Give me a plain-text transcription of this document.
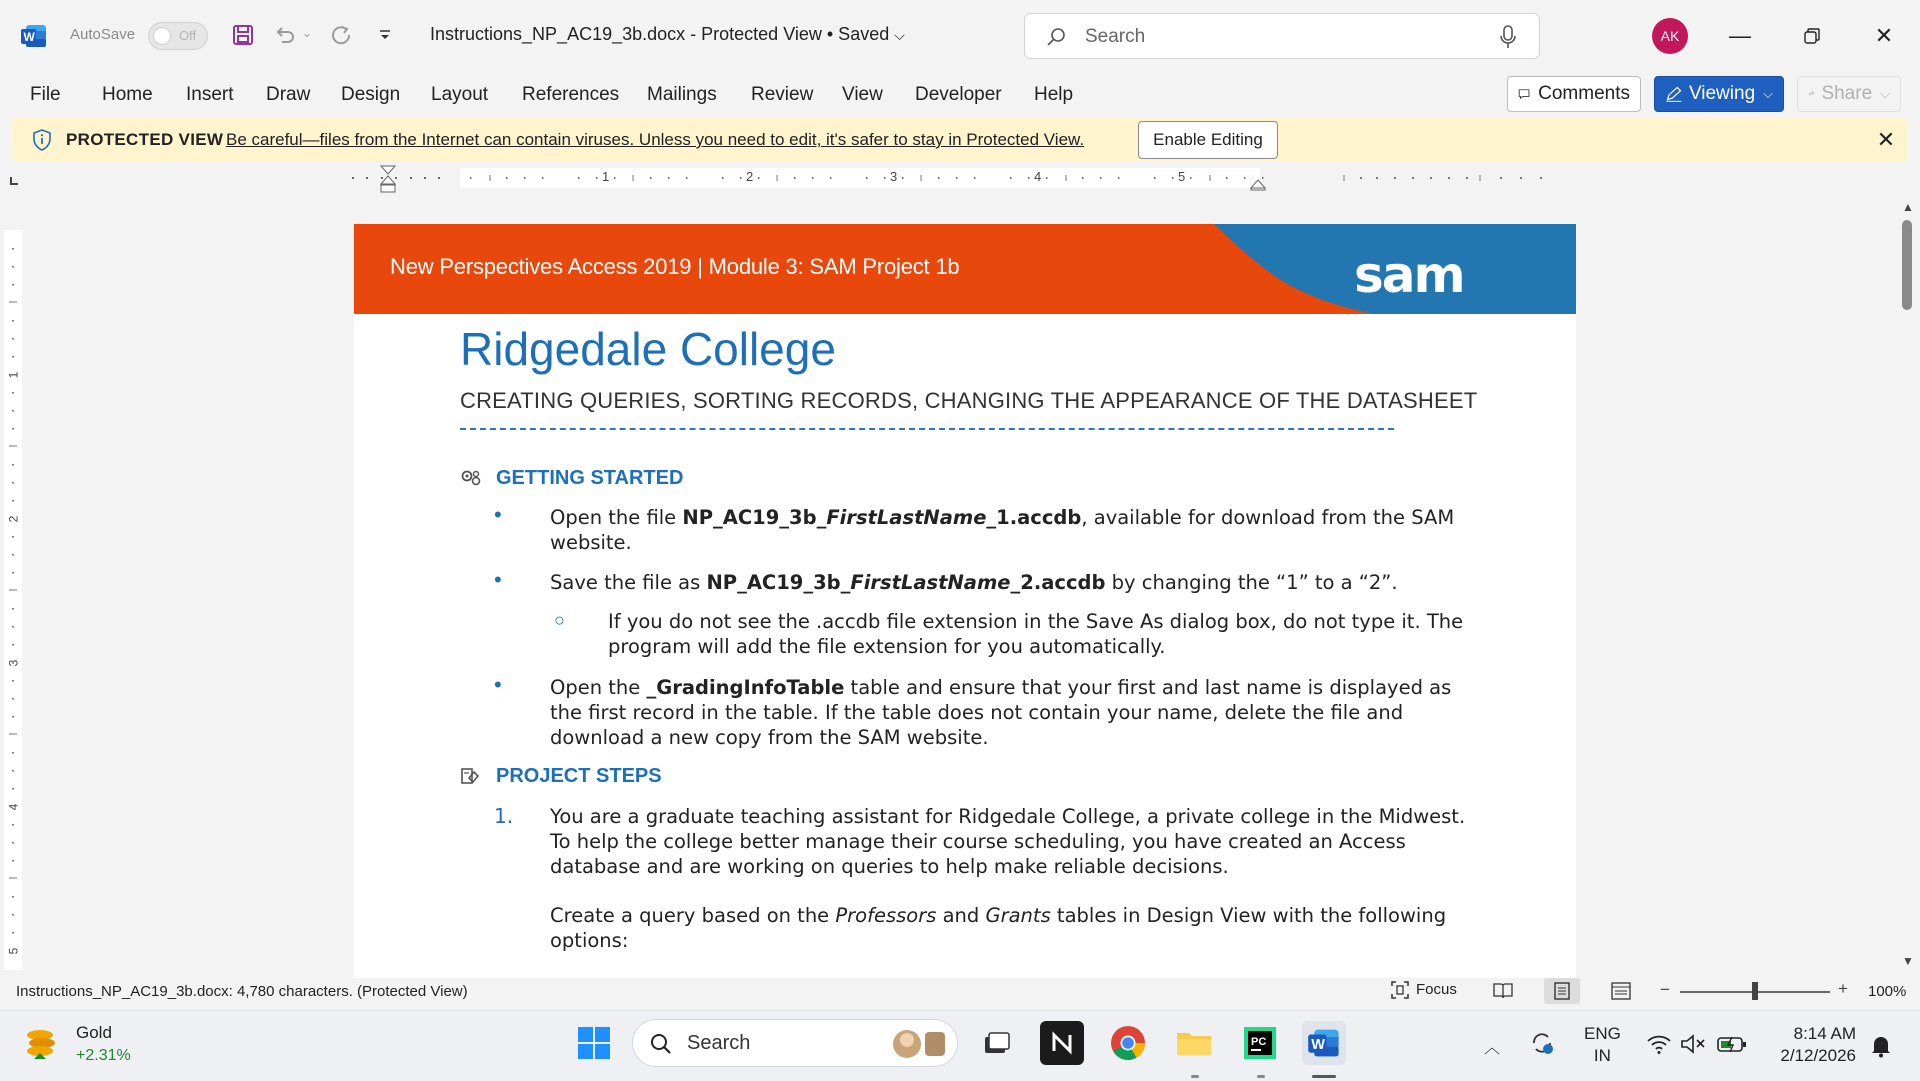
W AutoSave	Off	⌄	Instructions_NP_AC19_3b.docx - Protected View • Saved ⌵	Search	AK	—	✕
File Home Insert Draw Design Layout References Mailings Review View Developer Help	Comments	Viewing ⌵	Share ⌵
PROTECTED VIEW Be careful—files from the Internet can contain viruses. Unless you need to edit, it's safer to stay in Protected View.	Enable Editing	✕
1	2	3	4	5
1
2
3
4
5
New Perspectives Access 2019 | Module 3: SAM Project 1b	sam
Ridgedale College
CREATING QUERIES, SORTING RECORDS, CHANGING THE APPEARANCE OF THE DATASHEET
GETTING STARTED
• Open the file NP_AC19_3b_FirstLastName_1.accdb, available for download from the SAM website.
• Save the file as NP_AC19_3b_FirstLastName_2.accdb by changing the “1” to a “2”.
○ If you do not see the .accdb file extension in the Save As dialog box, do not type it. The program will add the file extension for you automatically.
• Open the _GradingInfoTable table and ensure that your first and last name is displayed as the first record in the table. If the table does not contain your name, delete the file and download a new copy from the SAM website.
PROJECT STEPS
1. You are a graduate teaching assistant for Ridgedale College, a private college in the Midwest. To help the college better manage their course scheduling, you have created an Access database and are working on queries to help make reliable decisions.
Create a query based on the Professors and Grants tables in Design View with the following options:
▲
▼
Instructions_NP_AC19_3b.docx: 4,780 characters. (Protected View)	Focus	−	+ 100%
Gold
+2.31%
Search	PC	W	︿
ENG
IN
8:14 AM
2/12/2026
